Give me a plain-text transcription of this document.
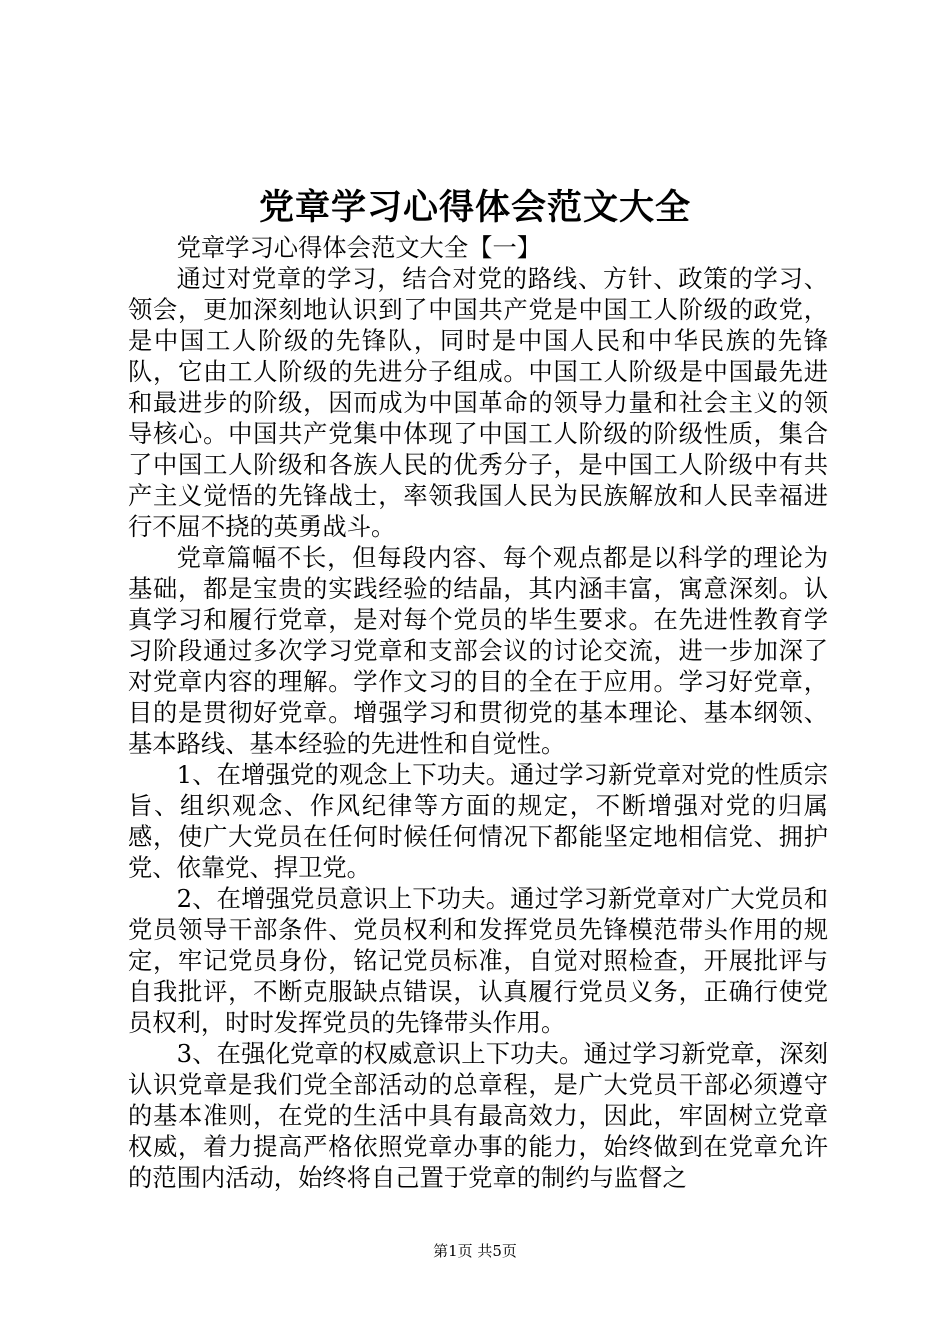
党章学习心得体会范文大全

党章学习心得体会范文大全【一】

通过对党章的学习，结合对党的路线、方针、政策的学习、领会，更加深刻地认识到了中国共产党是中国工人阶级的政党，是中国工人阶级的先锋队，同时是中国人民和中华民族的先锋队，它由工人阶级的先进分子组成。中国工人阶级是中国最先进和最进步的阶级，因而成为中国革命的领导力量和社会主义的领导核心。中国共产党集中体现了中国工人阶级的阶级性质，集合了中国工人阶级和各族人民的优秀分子，是中国工人阶级中有共产主义觉悟的先锋战士，率领我国人民为民族解放和人民幸福进行不屈不挠的英勇战斗。

党章篇幅不长，但每段内容、每个观点都是以科学的理论为基础，都是宝贵的实践经验的结晶，其内涵丰富，寓意深刻。认真学习和履行党章，是对每个党员的毕生要求。在先进性教育学习阶段通过多次学习党章和支部会议的讨论交流，进一步加深了对党章内容的理解。学作文习的目的全在于应用。学习好党章，目的是贯彻好党章。增强学习和贯彻党的基本理论、基本纲领、基本路线、基本经验的先进性和自觉性。

1、在增强党的观念上下功夫。通过学习新党章对党的性质宗旨、组织观念、作风纪律等方面的规定，不断增强对党的归属感，使广大党员在任何时候任何情况下都能坚定地相信党、拥护党、依靠党、捍卫党。

2、在增强党员意识上下功夫。通过学习新党章对广大党员和党员领导干部条件、党员权利和发挥党员先锋模范带头作用的规定，牢记党员身份，铭记党员标准，自觉对照检查，开展批评与自我批评，不断克服缺点错误，认真履行党员义务，正确行使党员权利，时时发挥党员的先锋带头作用。

3、在强化党章的权威意识上下功夫。通过学习新党章，深刻认识党章是我们党全部活动的总章程，是广大党员干部必须遵守的基本准则，在党的生活中具有最高效力，因此，牢固树立党章权威，着力提高严格依照党章办事的能力，始终做到在党章允许的范围内活动，始终将自己置于党章的制约与监督之

第1页 共5页
